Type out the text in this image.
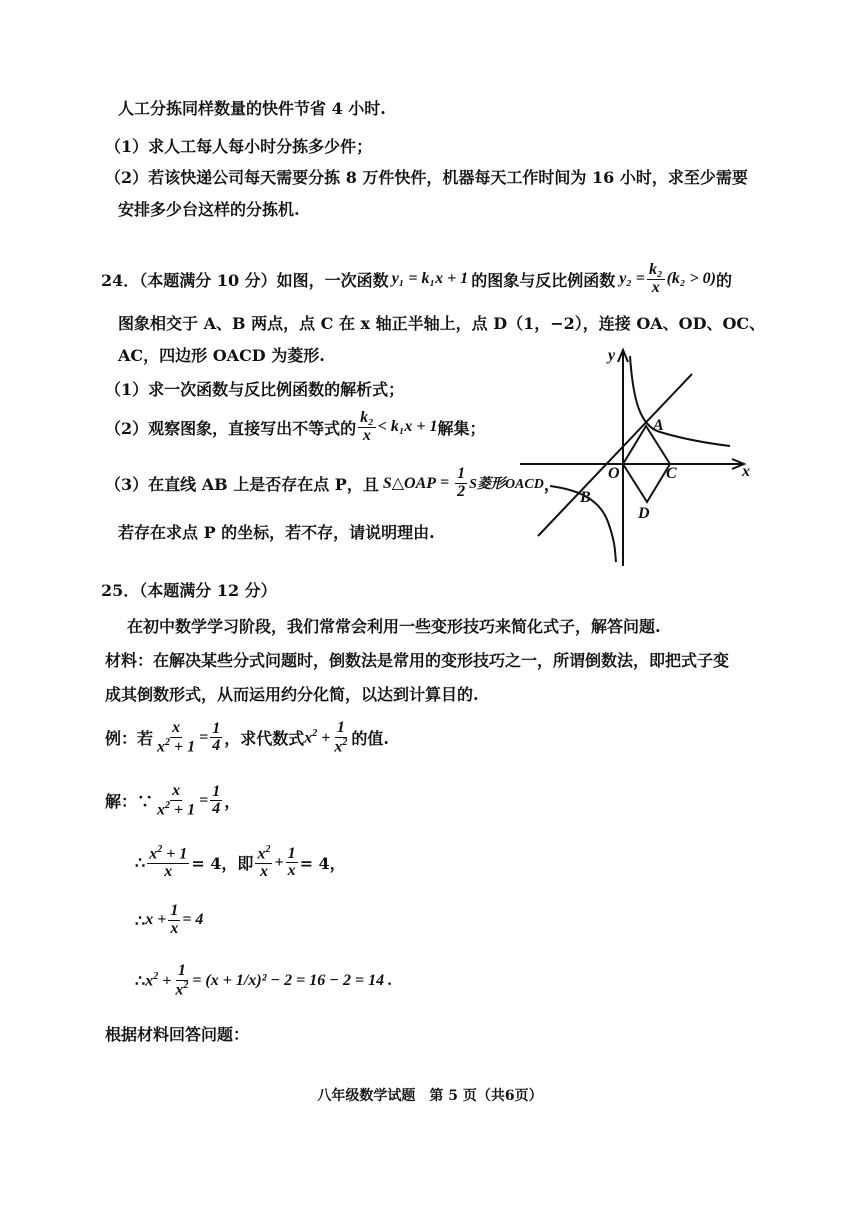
人工分拣同样数量的快件节省 4 小时.
（1）求人工每人每小时分拣多少件；
（2）若该快递公司每天需要分拣 8 万件快件，机器每天工作时间为 16 小时，求至少需要
安排多少台这样的分拣机.
24．（本题满分 10 分）如图，一次函数 y₁ = k₁x + 1 的图象与反比例函数 $y_2 = \frac{\text{k₂}}{x} (k_2 > 0)$ 的
图象相交于 A、B 两点，点 C 在 x 轴正半轴上，点 D（1，−2），连接 OA、OD、OC、
AC，四边形 OACD 为菱形.
（1）求一次函数与反比例函数的解析式；
（2）观察图象，直接写出不等式的 $\frac{\text{k₂}}{x} < k_1x + 1$ 解集；
（3）在直线 AB 上是否存在点 P，且 S△OAP = $\frac{1}{2}$ S菱形OACD ，
若存在求点 P 的坐标，若不存，请说明理由.
y
x
O
A
B
C
D
25．（本题满分 12 分）
在初中数学学习阶段，我们常常会利用一些变形技巧来简化式子，解答问题.
材料：在解决某些分式问题时，倒数法是常用的变形技巧之一，所谓倒数法，即把式子变
成其倒数形式，从而运用约分化简，以达到计算目的.
例：若 $\frac{x}{x^2 + 1} = \frac{1}{4}$ ，求代数式 $x^2 + \frac{1}{x^2}$ 的值.
解：∵ $\frac{x}{x^2 + 1} = \frac{1}{4}$ ，
∴ $\frac{x^2 + 1}{x} = 4$，即 $\frac{x^2}{x} + \frac{1}{x} = 4$，
∴ $x + \frac{1}{x} = 4$
∴ $x^2 + \frac{1}{x^2} = (x + 1/x)^2 - 2 = 16 - 2 = 14$ .
根据材料回答问题：
八年级数学试题　第 5 页（共6页）
